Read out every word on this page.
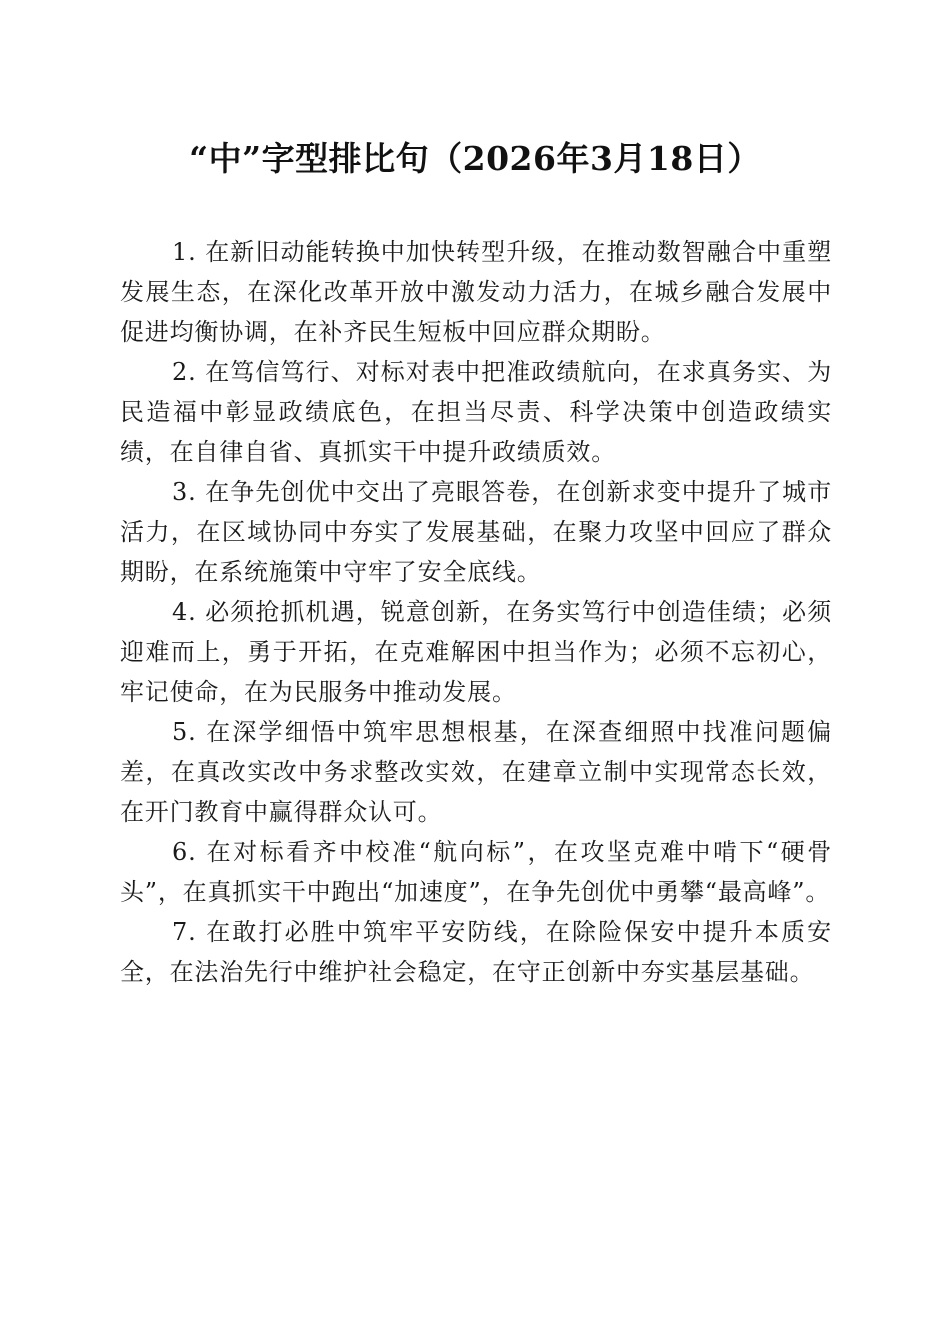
“中”字型排比句（2026年3月18日）

1. 在新旧动能转换中加快转型升级，在推动数智融合中重塑发展生态，在深化改革开放中激发动力活力，在城乡融合发展中促进均衡协调，在补齐民生短板中回应群众期盼。

2. 在笃信笃行、对标对表中把准政绩航向，在求真务实、为民造福中彰显政绩底色，在担当尽责、科学决策中创造政绩实绩，在自律自省、真抓实干中提升政绩质效。

3. 在争先创优中交出了亮眼答卷，在创新求变中提升了城市活力，在区域协同中夯实了发展基础，在聚力攻坚中回应了群众期盼，在系统施策中守牢了安全底线。

4. 必须抢抓机遇，锐意创新，在务实笃行中创造佳绩；必须迎难而上，勇于开拓，在克难解困中担当作为；必须不忘初心，牢记使命，在为民服务中推动发展。

5. 在深学细悟中筑牢思想根基，在深查细照中找准问题偏差，在真改实改中务求整改实效，在建章立制中实现常态长效，在开门教育中赢得群众认可。

6. 在对标看齐中校准“航向标”，在攻坚克难中啃下“硬骨头”，在真抓实干中跑出“加速度”，在争先创优中勇攀“最高峰”。

7. 在敢打必胜中筑牢平安防线，在除险保安中提升本质安全，在法治先行中维护社会稳定，在守正创新中夯实基层基础。
